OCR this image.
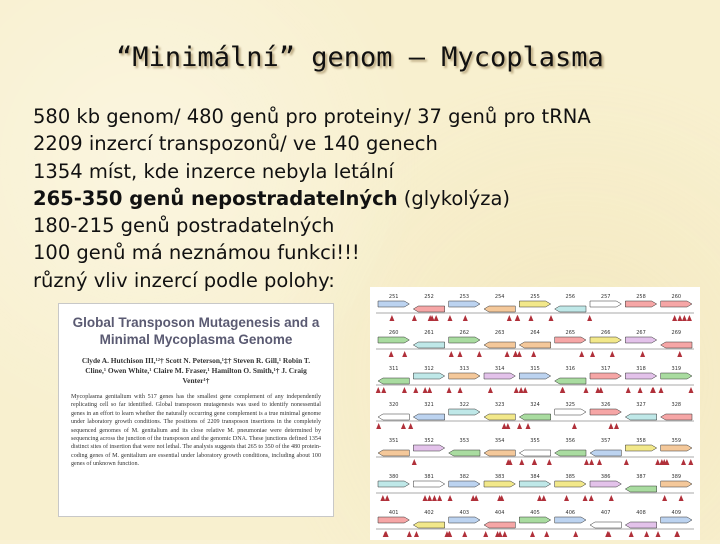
“Minimální” genom – Mycoplasma
580 kb genom/ 480 genů pro proteiny/ 37 genů pro tRNA
2209 inzercí transpozonů/ ve 140 genech
1354 míst, kde inzerce nebyla letální
265-350 genů nepostradatelných (glykolýza)
180-215 genů postradatelných
100 genů má neznámou funkci!!!
různý vliv inzercí podle polohy:
Global Transposon Mutagenesis and a Minimal Mycoplasma Genome
Clyde A. Hutchison III,¹²† Scott N. Peterson,¹‡† Steven R. Gill,¹ Robin T. Cline,¹ Owen White,¹ Claire M. Fraser,¹ Hamilton O. Smith,¹† J. Craig Venter¹†
Mycoplasma genitalium with 517 genes has the smallest gene complement of any independently replicating cell so far identified. Global transposon mutagenesis was used to identify nonessential genes in an effort to learn whether the naturally occurring gene complement is a true minimal genome under laboratory growth conditions. The positions of 2209 transposon insertions in the completely sequenced genomes of M. genitalium and its close relative M. pneumoniae were determined by sequencing across the junction of the transposon and the genomic DNA. These junctions defined 1354 distinct sites of insertion that were not lethal. The analysis suggests that 265 to 350 of the 480 protein-coding genes of M. genitalium are essential under laboratory growth conditions, including about 100 genes of unknown function.
251	252	253	254	255	256	257	258	260
260	261	262	263	264	265	266	267	269
311	312	313	314	315	316	317	318	319
320	321	322	323	324	325	326	327	328
351	352	353	354	355	356	357	358	359
380	381	382	383	384	385	386	387	389
401	402	403	404	405	406	407	408	409
